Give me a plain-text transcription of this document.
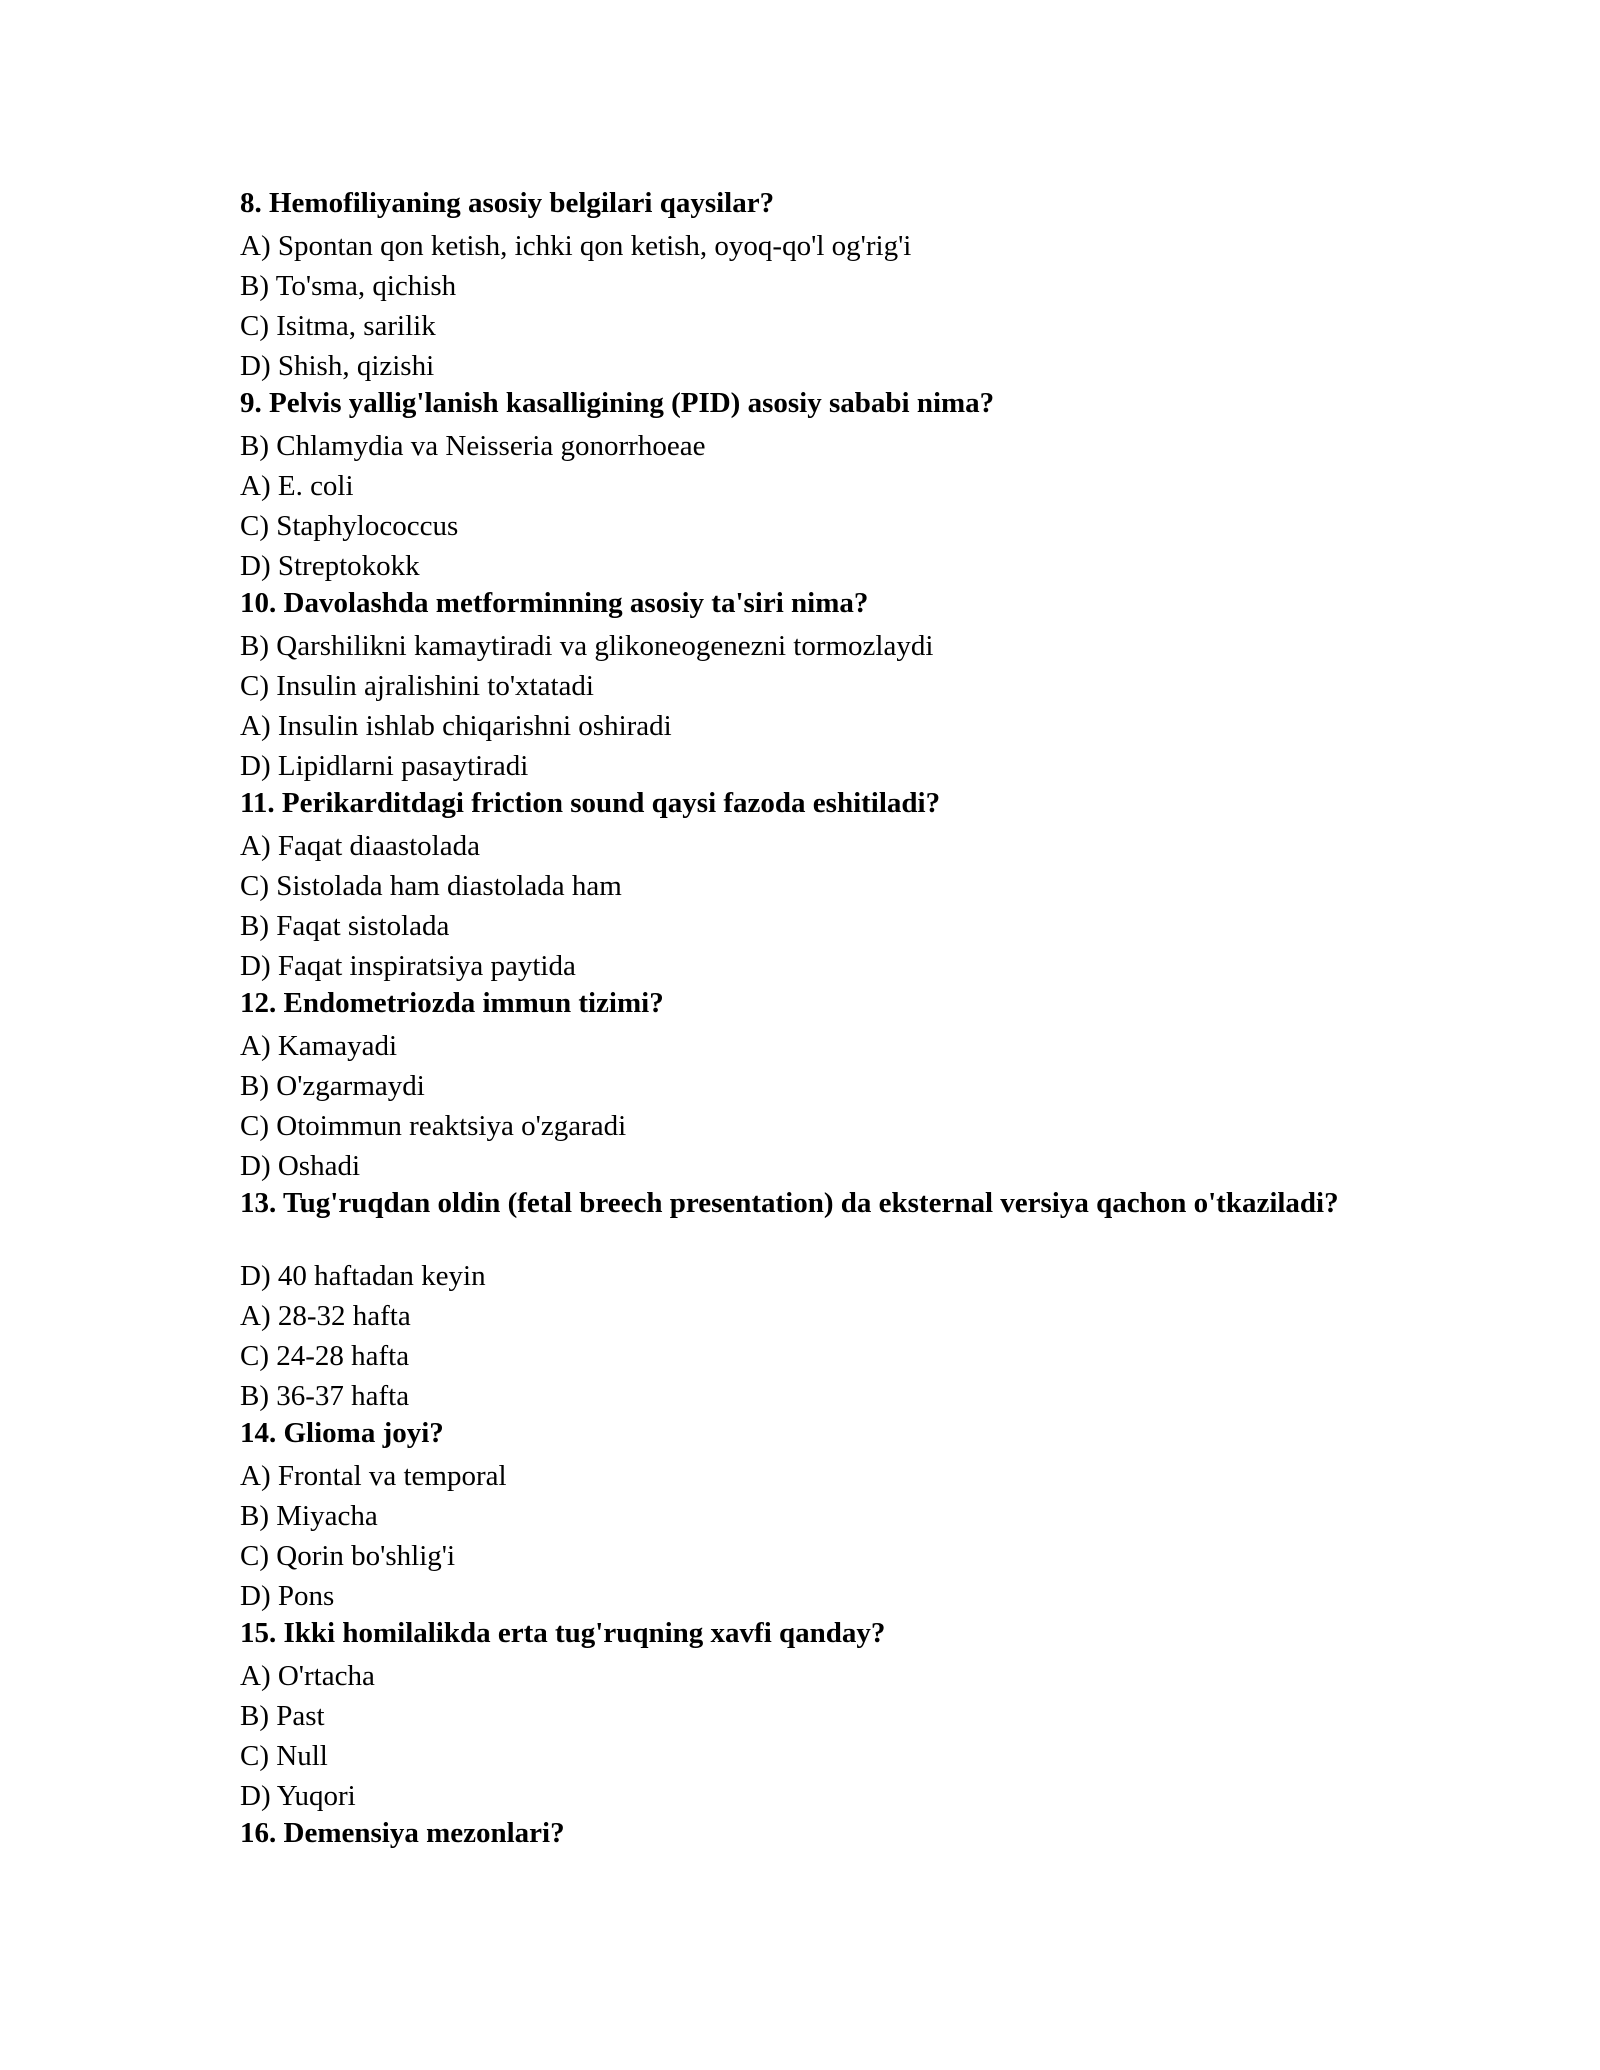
8. Hemofiliyaning asosiy belgilari qaysilar?
A) Spontan qon ketish, ichki qon ketish, oyoq-qo'l og'rig'i
B) To'sma, qichish
C) Isitma, sarilik
D) Shish, qizishi
9. Pelvis yallig'lanish kasalligining (PID) asosiy sababi nima?
B) Chlamydia va Neisseria gonorrhoeae
A) E. coli
C) Staphylococcus
D) Streptokokk
10. Davolashda metforminning asosiy ta'siri nima?
B) Qarshilikni kamaytiradi va glikoneogenezni tormozlaydi
C) Insulin ajralishini to'xtatadi
A) Insulin ishlab chiqarishni oshiradi
D) Lipidlarni pasaytiradi
11. Perikarditdagi friction sound qaysi fazoda eshitiladi?
A) Faqat diaastolada
C) Sistolada ham diastolada ham
B) Faqat sistolada
D) Faqat inspiratsiya paytida
12. Endometriozda immun tizimi?
A) Kamayadi
B) O'zgarmaydi
C) Otoimmun reaktsiya o'zgaradi
D) Oshadi
13. Tug'ruqdan oldin (fetal breech presentation) da eksternal versiya qachon o'tkaziladi?
D) 40 haftadan keyin
A) 28-32 hafta
C) 24-28 hafta
B) 36-37 hafta
14. Glioma joyi?
A) Frontal va temporal
B) Miyacha
C) Qorin bo'shlig'i
D) Pons
15. Ikki homilalikda erta tug'ruqning xavfi qanday?
A) O'rtacha
B) Past
C) Null
D) Yuqori
16. Demensiya mezonlari?
